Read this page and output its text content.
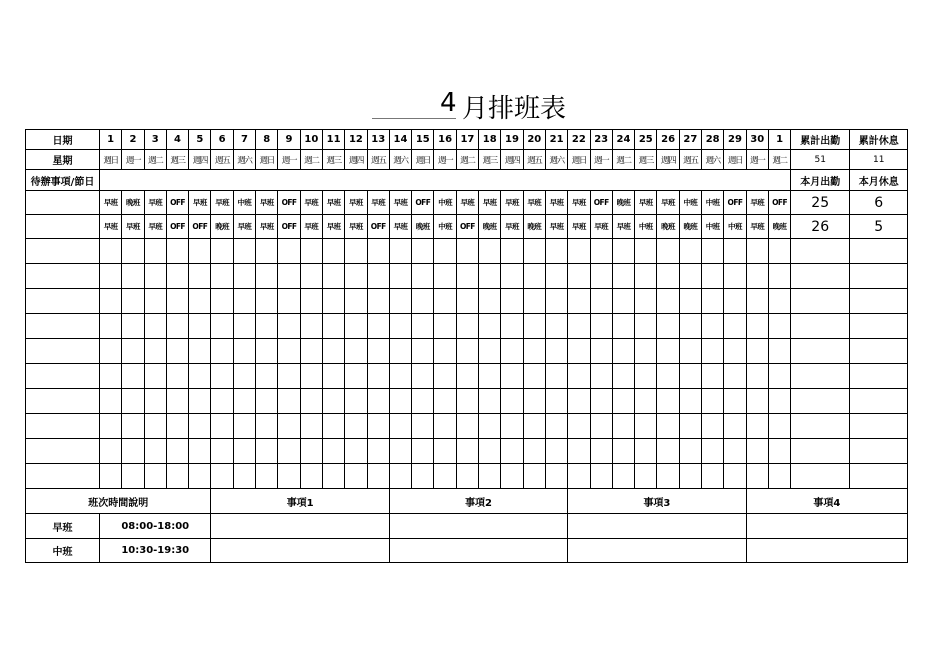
4 月排班表
日期	1	2	3	4	5	6	7	8	9	10	11	12	13	14	15	16	17	18	19	20	21	22	23	24	25	26	27	28	29	30	1	累計出勤	累計休息
星期	週日	週一	週二	週三	週四	週五	週六	週日	週一	週二	週三	週四	週五	週六	週日	週一	週二	週三	週四	週五	週六	週日	週一	週二	週三	週四	週五	週六	週日	週一	週二	51	11
待辦事項/節日																																本月出勤	本月休息
	早班	晚班	早班	OFF	早班	早班	中班	早班	OFF	早班	早班	早班	早班	早班	OFF	中班	早班	早班	早班	早班	早班	早班	OFF	晚班	早班	早班	中班	中班	OFF	早班	OFF	25	6
	早班	早班	早班	OFF	OFF	晚班	早班	早班	OFF	早班	早班	早班	OFF	早班	晚班	中班	OFF	晚班	早班	晚班	早班	早班	早班	早班	中班	晚班	晚班	中班	中班	早班	晚班	26	5

班次時間說明						事項1								事項2								事項3								事項4			
早班	08:00-18:00																																
中班	10:30-19:30																																
